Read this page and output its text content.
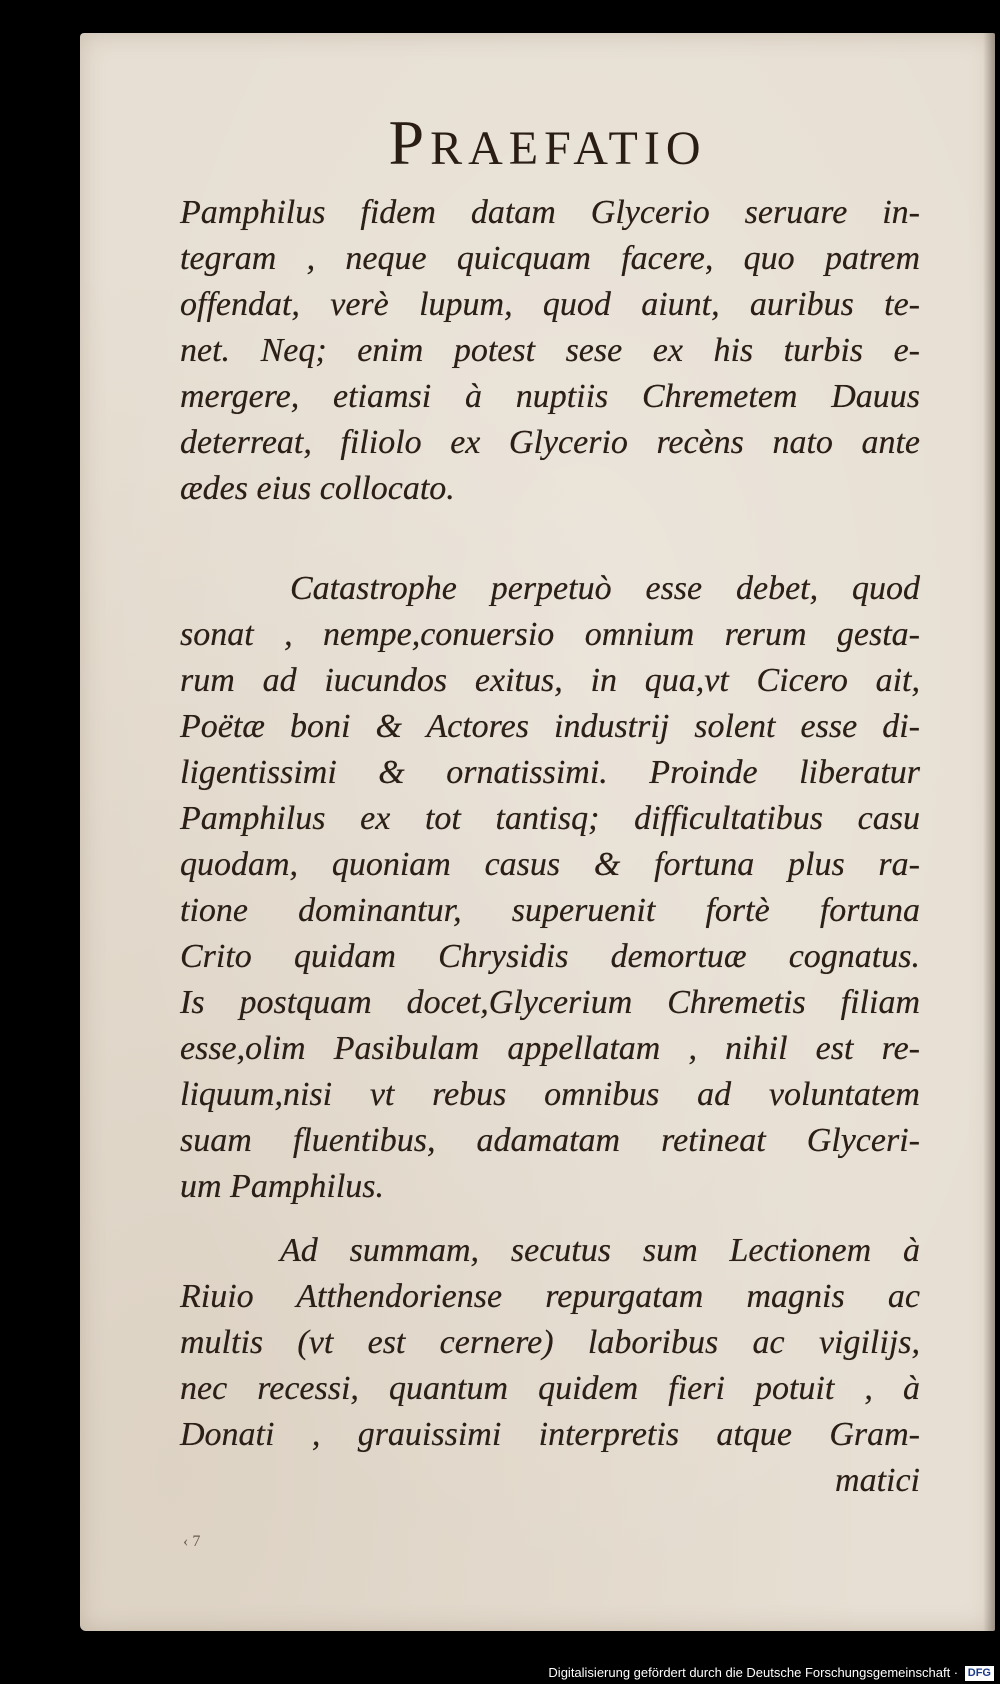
PRAEFATIO
Pamphilus fidem datam Glycerio seruare in-
tegram , neque quicquam facere, quo patrem
offendat, verè lupum, quod aiunt, auribus te-
net. Neq; enim potest sese ex his turbis e-
mergere, etiamsi à nuptiis Chremetem Dauus
deterreat, filiolo ex Glycerio recèns nato ante
ædes eius collocato.
Catastrophe perpetuò esse debet, quod
sonat , nempe,conuersio omnium rerum gesta-
rum ad iucundos exitus, in qua,vt Cicero ait,
Poëtæ boni & Actores industrij solent esse di-
ligentissimi & ornatissimi. Proinde liberatur
Pamphilus ex tot tantisq; difficultatibus casu
quodam, quoniam casus & fortuna plus ra-
tione dominantur, superuenit fortè fortuna
Crito quidam Chrysidis demortuæ cognatus.
Is postquam docet,Glycerium Chremetis filiam
esse,olim Pasibulam appellatam , nihil est re-
liquum,nisi vt rebus omnibus ad voluntatem
suam fluentibus, adamatam retineat Glyceri-
um Pamphilus.
Ad summam, secutus sum Lectionem à
Riuio Atthendoriense repurgatam magnis ac
multis (vt est cernere) laboribus ac vigilijs,
nec recessi, quantum quidem fieri potuit , à
Donati , grauissimi interpretis atque Gram-
matici
‹ 7
Digitalisierung gefördert durch die Deutsche Forschungsgemeinschaft · DFG
